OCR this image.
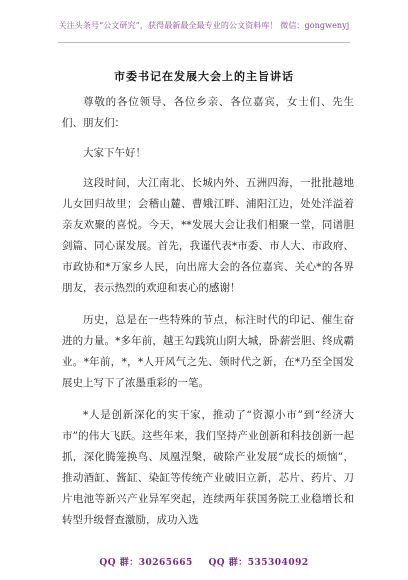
关注头条号“公文研究”，获得最新最全最专业的公文资料库！ 微信：gongwenyj
市委书记在发展大会上的主旨讲话

尊敬的各位领导、各位乡亲、各位嘉宾，女士们、先生们、朋友们：

大家下午好！

这段时间，大江南北、长城内外、五洲四海，一批批越地儿女回归故里；会稽山麓、曹娥江畔、浦阳江边，处处洋溢着亲友欢聚的喜悦。今天，**发展大会让我们相聚一堂，同谱胆剑篇、同心谋发展。首先，我谨代表*市委、市人大、市政府、市政协和*万家乡人民，向出席大会的各位嘉宾、关心*的各界朋友，表示热烈的欢迎和衷心的感谢！

历史，总是在一些特殊的节点，标注时代的印记、催生奋进的力量。*多年前，越王勾践筑山阴大城，卧薪尝胆、终成霸业。*年前，*，*人开风气之先、领时代之新，在*乃至全国发展史上写下了浓墨重彩的一笔。

*人是创新深化的实干家，推动了“资源小市”到“经济大市”的伟大飞跃。这些年来，我们坚持产业创新和科技创新一起抓，深化腾笼换鸟、凤凰涅槃，破除产业发展“成长的烦恼”，推动酒缸、酱缸、染缸等传统产业破旧立新，芯片、药片、刀片电池等新兴产业异军突起，连续两年获国务院工业稳增长和转型升级督查激励，成功入选

QQ 群：30265665 QQ 群：535304092
